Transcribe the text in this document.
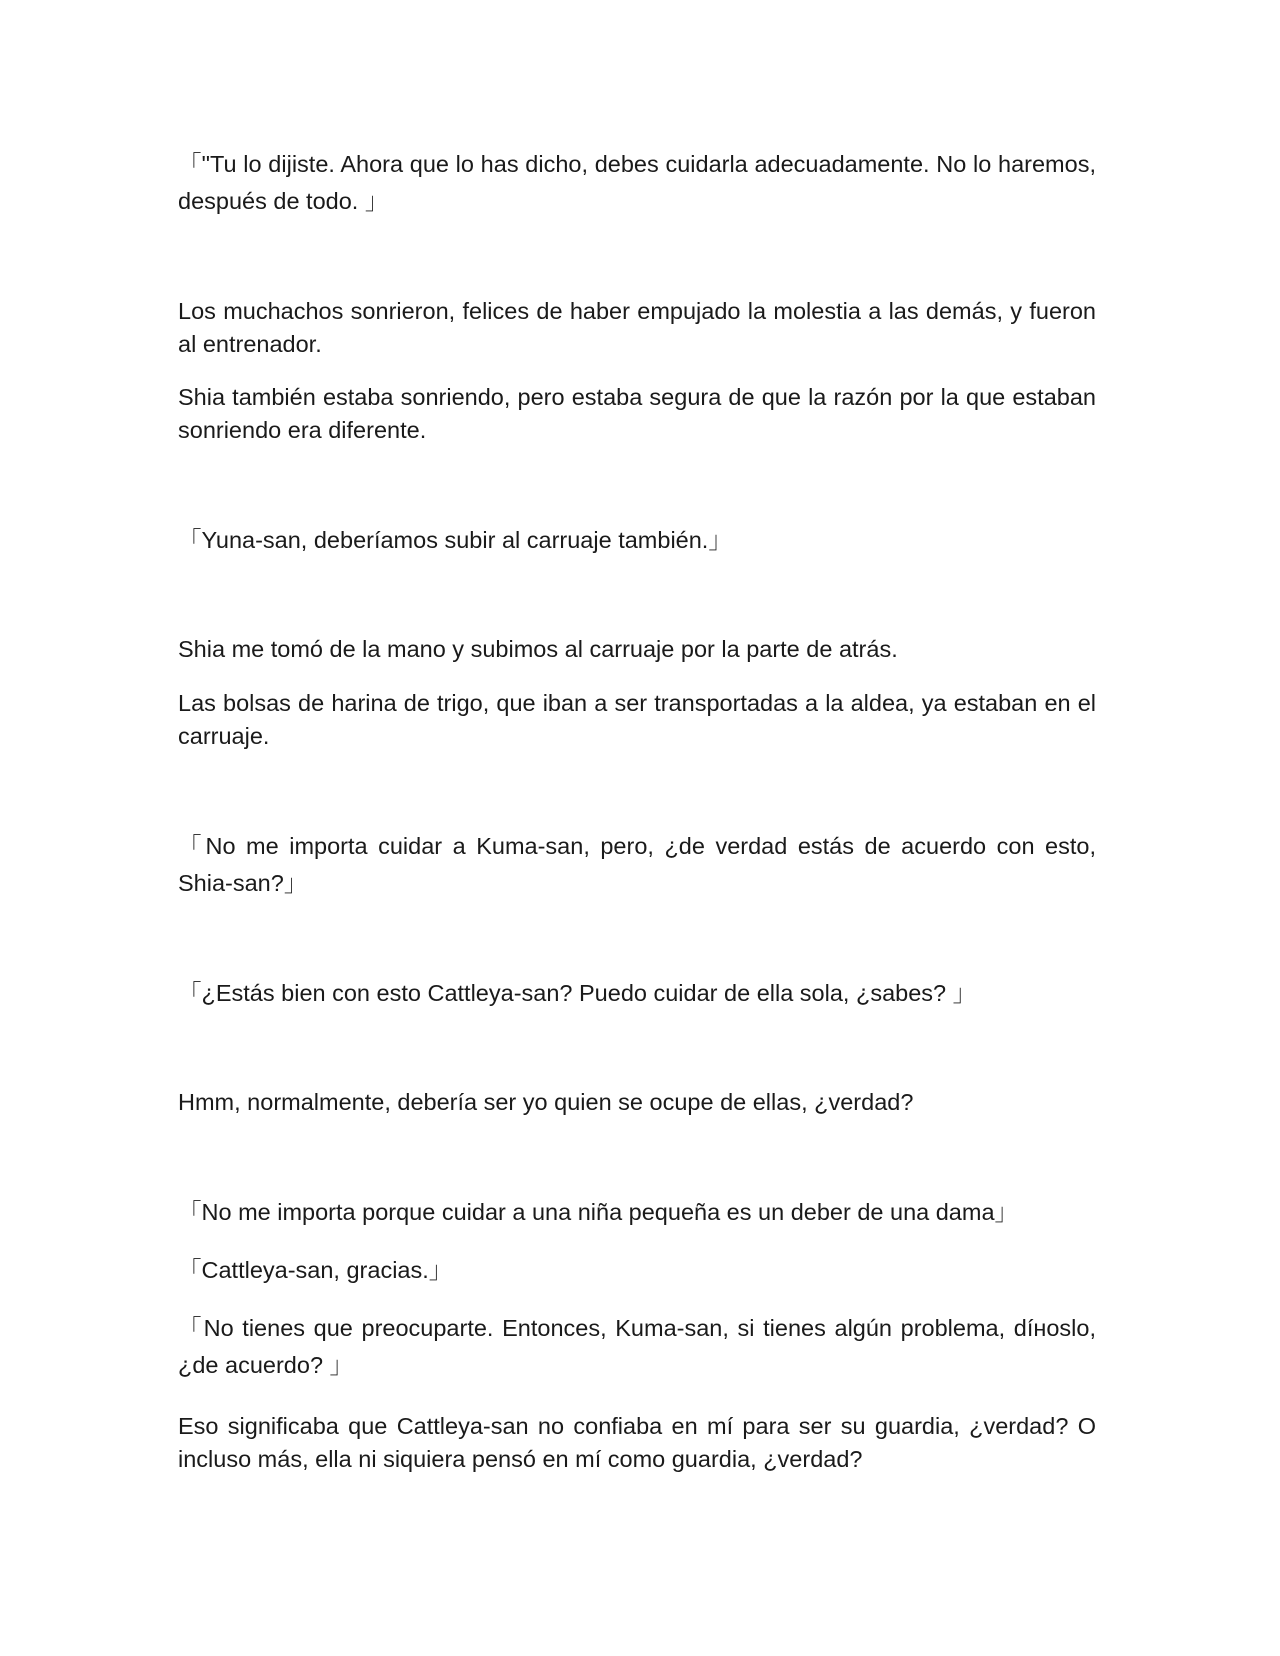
「"Tu lo dijiste. Ahora que lo has dicho, debes cuidarla adecuadamente. No lo haremos, después de todo. 」

Los muchachos sonrieron, felices de haber empujado la molestia a las demás, y fueron al entrenador.

Shia también estaba sonriendo, pero estaba segura de que la razón por la que estaban sonriendo era diferente.

「Yuna-san, deberíamos subir al carruaje también.」

Shia me tomó de la mano y subimos al carruaje por la parte de atrás.

Las bolsas de harina de trigo, que iban a ser transportadas a la aldea, ya estaban en el carruaje.

「No me importa cuidar a Kuma-san, pero, ¿de verdad estás de acuerdo con esto, Shia-san?」

「¿Estás bien con esto Cattleya-san? Puedo cuidar de ella sola, ¿sabes? 」

Hmm, normalmente, debería ser yo quien se ocupe de ellas, ¿verdad?

「No me importa porque cuidar a una niña pequeña es un deber de una dama」

「Cattleya-san, gracias.」

「No tienes que preocuparte. Entonces, Kuma-san, si tienes algún problema, díноslo, ¿de acuerdo? 」

Eso significaba que Cattleya-san no confiaba en mí para ser su guardia, ¿verdad? O incluso más, ella ni siquiera pensó en mí como guardia, ¿verdad?
